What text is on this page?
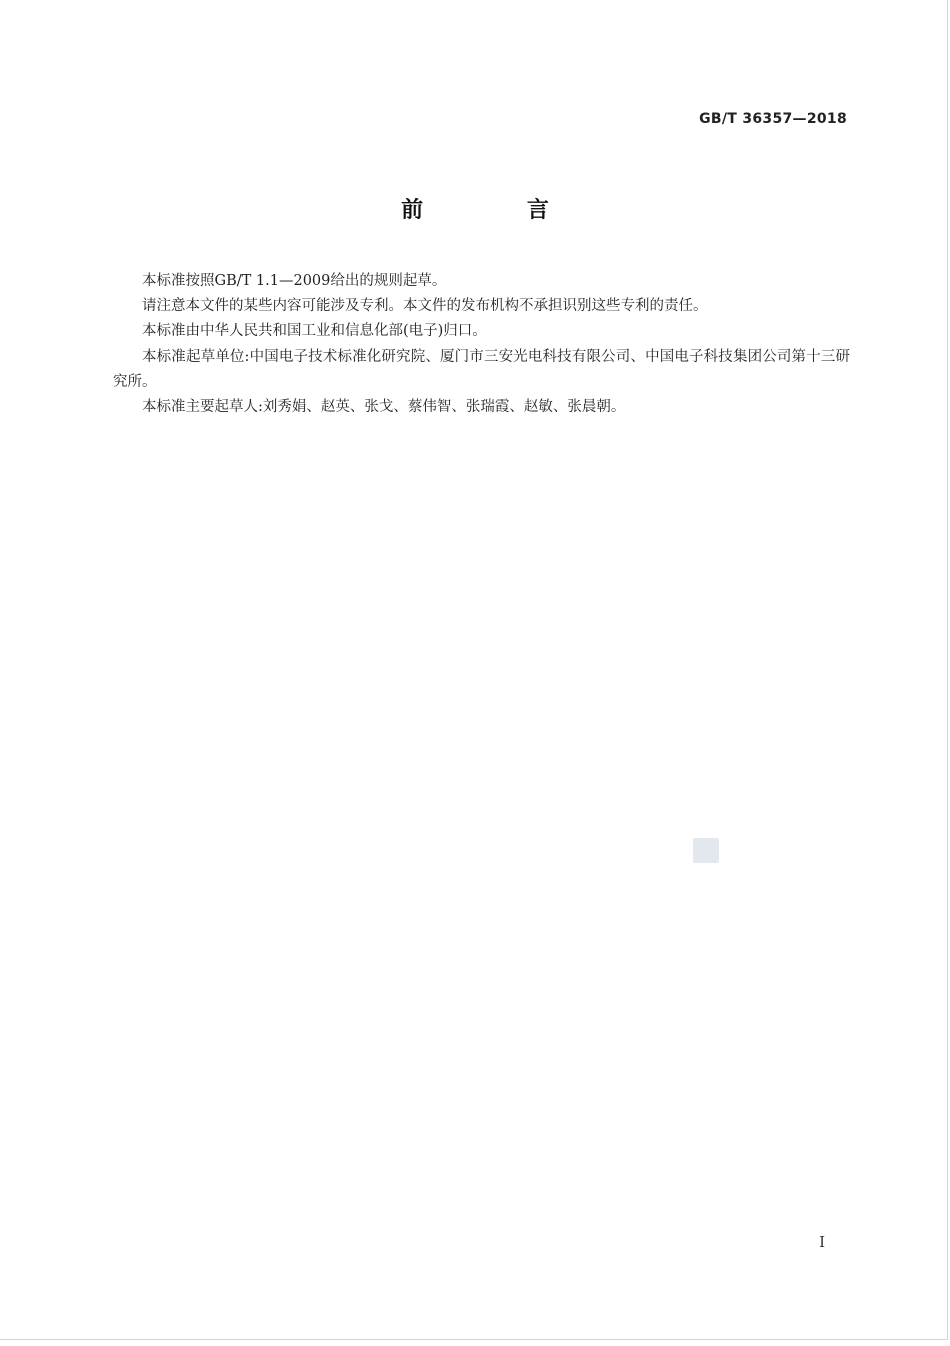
GB/T 36357—2018
前 言

本标准按照GB/T 1.1—2009给出的规则起草。

请注意本文件的某些内容可能涉及专利。本文件的发布机构不承担识别这些专利的责任。

本标准由中华人民共和国工业和信息化部(电子)归口。

本标准起草单位:中国电子技术标准化研究院、厦门市三安光电科技有限公司、中国电子科技集团公司第十三研究所。

本标准主要起草人:刘秀娟、赵英、张戈、蔡伟智、张瑞霞、赵敏、张晨朝。

I
